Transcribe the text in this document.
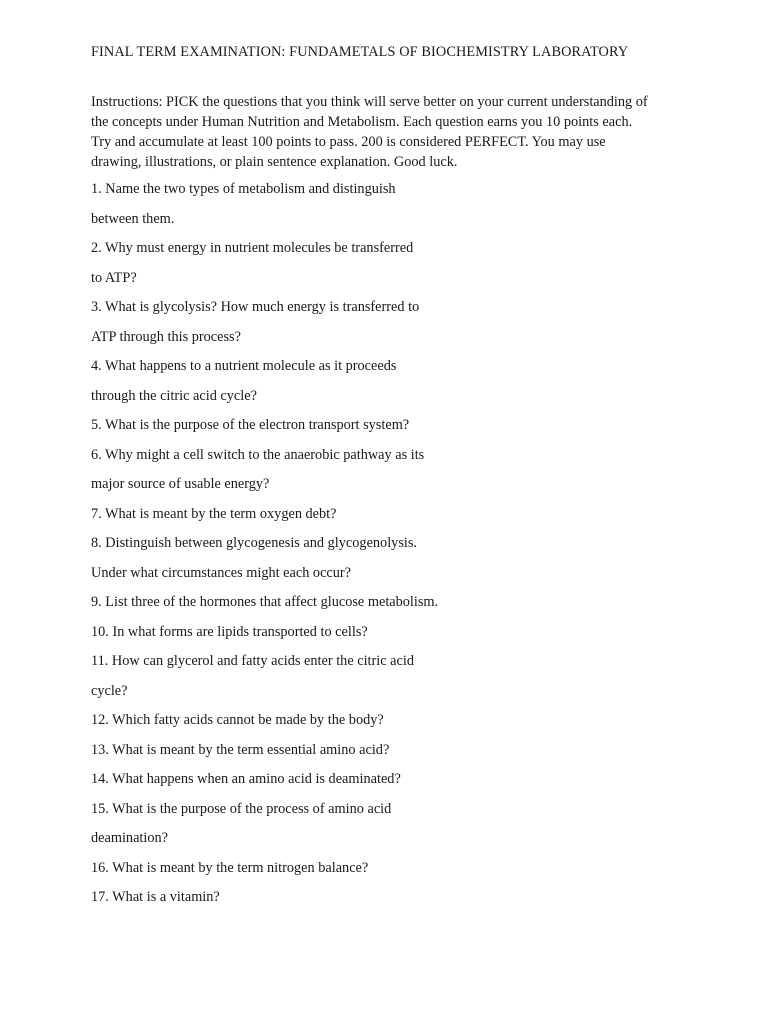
FINAL TERM EXAMINATION: FUNDAMETALS OF BIOCHEMISTRY LABORATORY
Instructions: PICK the questions that you think will serve better on your current understanding of
the concepts under Human Nutrition and Metabolism. Each question earns you 10 points each.
Try and accumulate at least 100 points to pass. 200 is considered PERFECT. You may use
drawing, illustrations, or plain sentence explanation. Good luck.
1. Name the two types of metabolism and distinguish
between them.
2. Why must energy in nutrient molecules be transferred
to ATP?
3. What is glycolysis? How much energy is transferred to
ATP through this process?
4. What happens to a nutrient molecule as it proceeds
through the citric acid cycle?
5. What is the purpose of the electron transport system?
6. Why might a cell switch to the anaerobic pathway as its
major source of usable energy?
7. What is meant by the term oxygen debt?
8. Distinguish between glycogenesis and glycogenolysis.
Under what circumstances might each occur?
9. List three of the hormones that affect glucose metabolism.
10. In what forms are lipids transported to cells?
11. How can glycerol and fatty acids enter the citric acid
cycle?
12. Which fatty acids cannot be made by the body?
13. What is meant by the term essential amino acid?
14. What happens when an amino acid is deaminated?
15. What is the purpose of the process of amino acid
deamination?
16. What is meant by the term nitrogen balance?
17. What is a vitamin?
